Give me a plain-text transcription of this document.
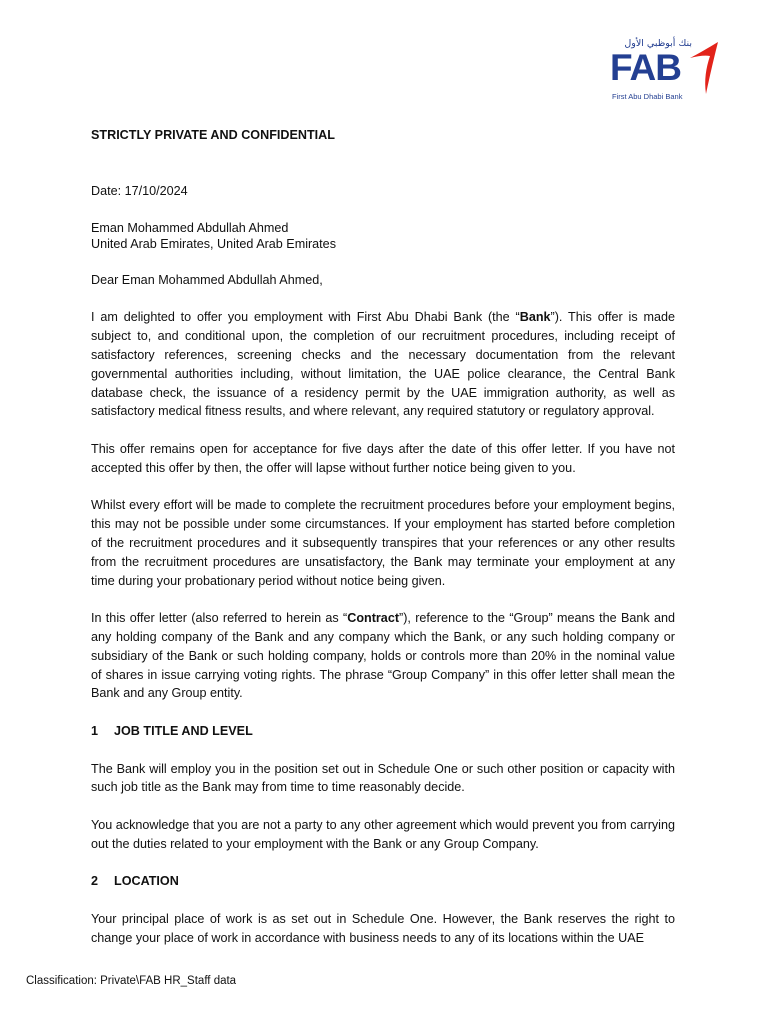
بنك أبوظبي الأول
FAB
First Abu Dhabi Bank

STRICTLY PRIVATE AND CONFIDENTIAL

Date: 17/10/2024

Eman Mohammed Abdullah Ahmed

United Arab Emirates, United Arab Emirates

Dear Eman Mohammed Abdullah Ahmed,

I am delighted to offer you employment with First Abu Dhabi Bank (the “Bank”). This offer is made subject to, and conditional upon, the completion of our recruitment procedures, including receipt of satisfactory references, screening checks and the necessary documentation from the relevant governmental authorities including, without limitation, the UAE police clearance, the Central Bank database check, the issuance of a residency permit by the UAE immigration authority, as well as satisfactory medical fitness results, and where relevant, any required statutory or regulatory approval.

This offer remains open for acceptance for five days after the date of this offer letter. If you have not accepted this offer by then, the offer will lapse without further notice being given to you.

Whilst every effort will be made to complete the recruitment procedures before your employment begins, this may not be possible under some circumstances. If your employment has started before completion of the recruitment procedures and it subsequently transpires that your references or any other results from the recruitment procedures are unsatisfactory, the Bank may terminate your employment at any time during your probationary period without notice being given.

In this offer letter (also referred to herein as “Contract”), reference to the “Group” means the Bank and any holding company of the Bank and any company which the Bank, or any such holding company or subsidiary of the Bank or such holding company, holds or controls more than 20% in the nominal value of shares in issue carrying voting rights. The phrase “Group Company” in this offer letter shall mean the Bank and any Group entity.

1	JOB TITLE AND LEVEL

The Bank will employ you in the position set out in Schedule One or such other position or capacity with such job title as the Bank may from time to time reasonably decide.

You acknowledge that you are not a party to any other agreement which would prevent you from carrying out the duties related to your employment with the Bank or any Group Company.

2	LOCATION

Your principal place of work is as set out in Schedule One. However, the Bank reserves the right to change your place of work in accordance with business needs to any of its locations within the UAE

Classification: Private\FAB HR_Staff data
